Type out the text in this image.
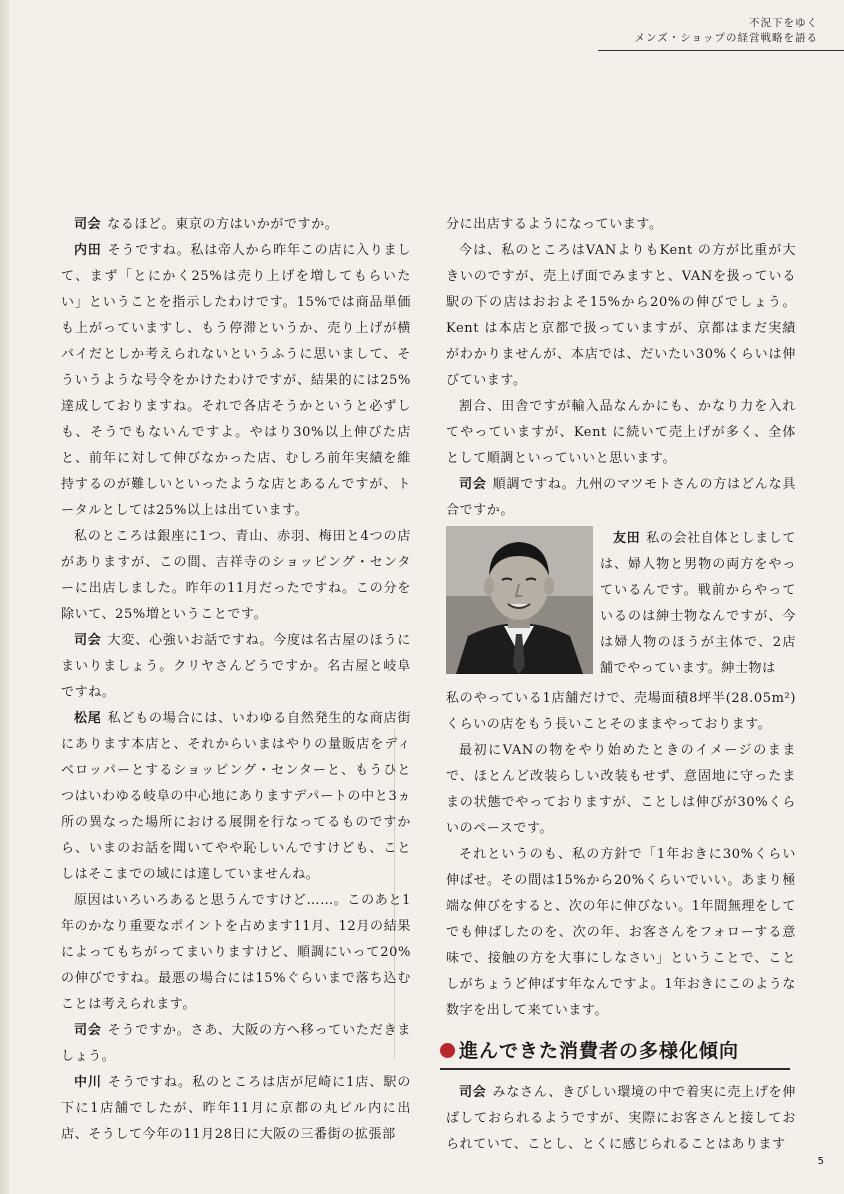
不況下をゆく
メンズ・ショップの経営戦略を語る

司会 なるほど。東京の方はいかがですか。

内田 そうですね。私は帝人から昨年この店に入りまして、まず「とにかく25%は売り上げを増してもらいたい」ということを指示したわけです。15%では商品単価も上がっていますし、もう停滞というか、売り上げが横バイだとしか考えられないというふうに思いまして、そういうような号令をかけたわけですが、結果的には25%達成しておりますね。それで各店そうかというと必ずしも、そうでもないんですよ。やはり30%以上伸びた店と、前年に対して伸びなかった店、むしろ前年実績を維持するのが難しいといったような店とあるんですが、トータルとしては25%以上は出ています。

私のところは銀座に1つ、青山、赤羽、梅田と4つの店がありますが、この間、吉祥寺のショッピング・センターに出店しました。昨年の11月だったですね。この分を除いて、25%増ということです。

司会 大変、心強いお話ですね。今度は名古屋のほうにまいりましょう。クリヤさんどうですか。名古屋と岐阜ですね。

松尾 私どもの場合には、いわゆる自然発生的な商店街にあります本店と、それからいまはやりの量販店をディベロッパーとするショッピング・センターと、もうひとつはいわゆる岐阜の中心地にありますデパートの中と3ヵ所の異なった場所における展開を行なってるものですから、いまのお話を聞いてやや恥しいんですけども、ことしはそこまでの域には達していませんね。

原因はいろいろあると思うんですけど……。このあと1年のかなり重要なポイントを占めます11月、12月の結果によってもちがってまいりますけど、順調にいって20%の伸びですね。最悪の場合には15%ぐらいまで落ち込むことは考えられます。

司会 そうですか。さあ、大阪の方へ移っていただきましょう。

中川 そうですね。私のところは店が尼崎に1店、駅の下に1店舗でしたが、昨年11月に京都の丸ビル内に出店、そうして今年の11月28日に大阪の三番街の拡張部

分に出店するようになっています。

今は、私のところはVANよりもKent の方が比重が大きいのですが、売上げ面でみますと、VANを扱っている駅の下の店はおおよそ15%から20%の伸びでしょう。Kent は本店と京都で扱っていますが、京都はまだ実績がわかりませんが、本店では、だいたい30%くらいは伸びています。

割合、田舎ですが輸入品なんかにも、かなり力を入れてやっていますが、Kent に続いて売上げが多く、全体として順調といっていいと思います。

司会 順調ですね。九州のマツモトさんの方はどんな具合ですか。

友田 私の会社自体としましては、婦人物と男物の両方をやっているんです。戦前からやっているのは紳士物なんですが、今は婦人物のほうが主体で、2店舗でやっています。紳士物は

私のやっている1店舗だけで、売場面積8坪半(28.05m²)くらいの店をもう長いことそのままやっております。

最初にVANの物をやり始めたときのイメージのままで、ほとんど改装らしい改装もせず、意固地に守ったままの状態でやっておりますが、ことしは伸びが30%くらいのペースです。

それというのも、私の方針で「1年おきに30%くらい伸ばせ。その間は15%から20%くらいでいい。あまり極端な伸びをすると、次の年に伸びない。1年間無理をしてでも伸ばしたのを、次の年、お客さんをフォローする意味で、接触の方を大事にしなさい」ということで、ことしがちょうど伸ばす年なんですよ。1年おきにこのような数字を出して来ています。

進んできた消費者の多様化傾向

司会 みなさん、きびしい環境の中で着実に売上げを伸ばしておられるようですが、実際にお客さんと接しておられていて、ことし、とくに感じられることはあります

5
